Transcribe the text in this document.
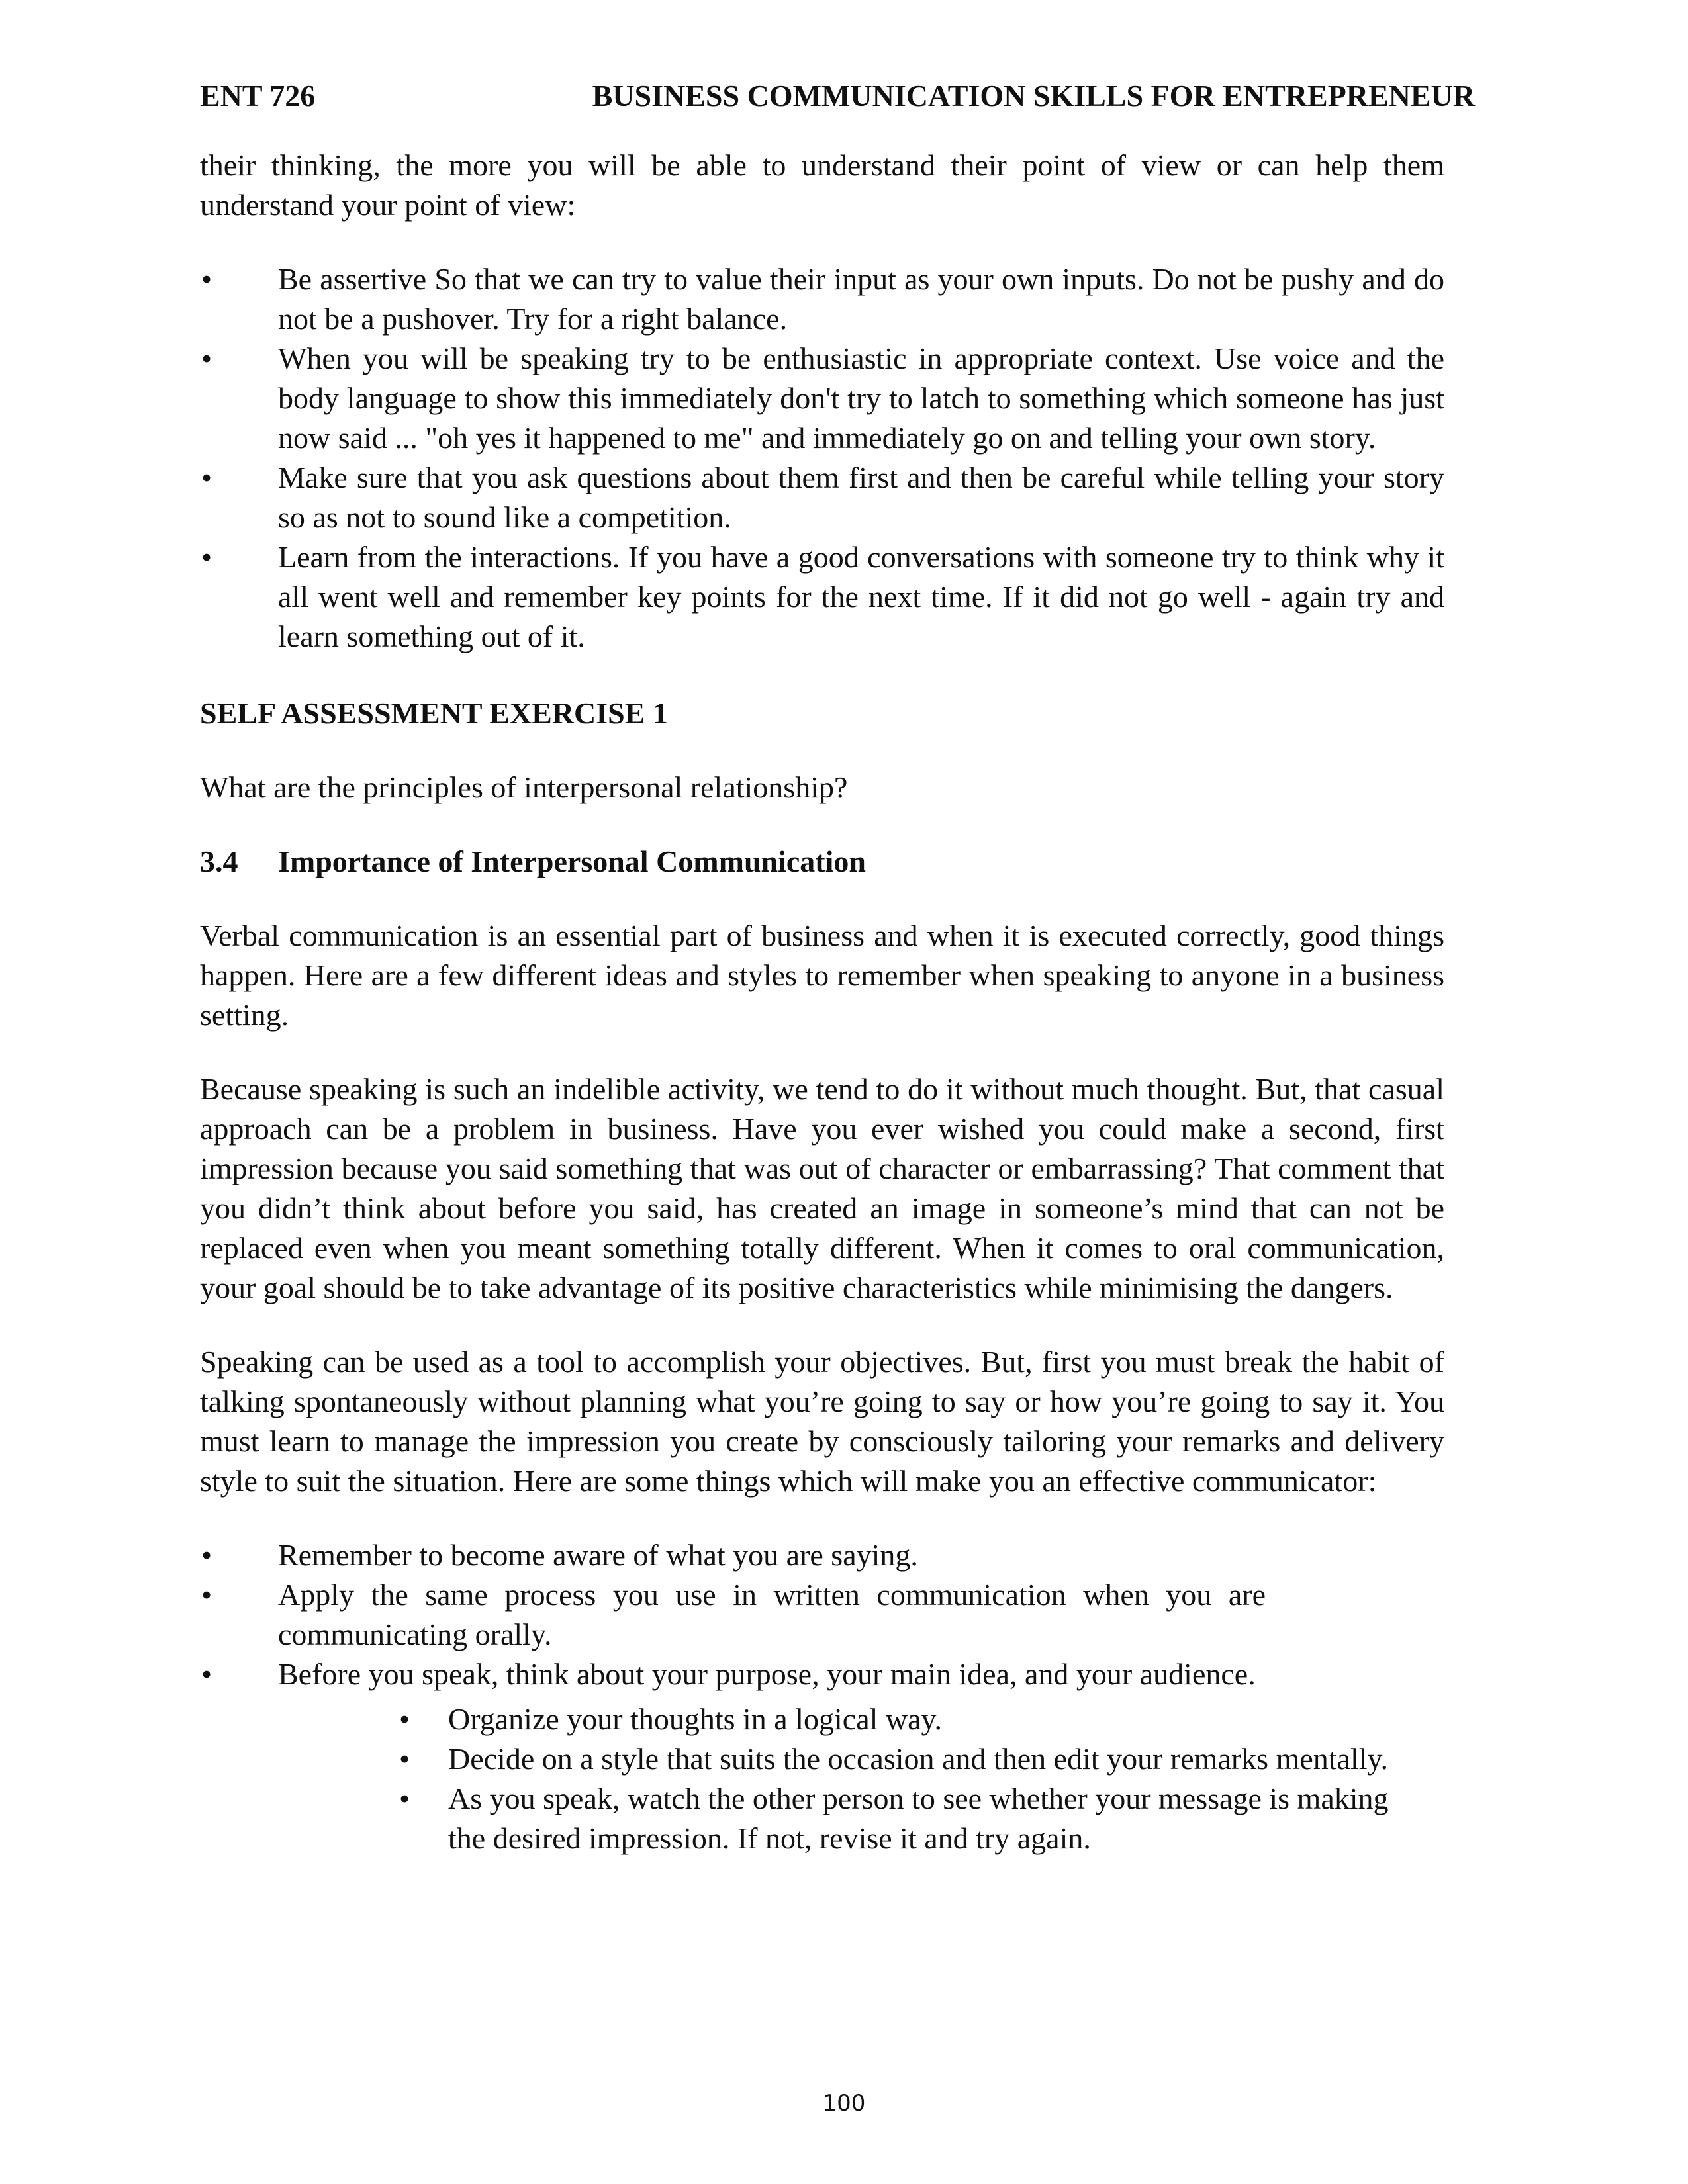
ENT 726	BUSINESS COMMUNICATION SKILLS FOR ENTREPRENEUR

their thinking, the more you will be able to understand their point of view or can help them understand your point of view:

• Be assertive So that we can try to value their input as your own inputs. Do not be pushy and do not be a pushover. Try for a right balance.
• When you will be speaking try to be enthusiastic in appropriate context. Use voice and the body language to show this immediately don't try to latch to something which someone has just now said ... "oh yes it happened to me" and immediately go on and telling your own story.
• Make sure that you ask questions about them first and then be careful while telling your story so as not to sound like a competition.
• Learn from the interactions. If you have a good conversations with someone try to think why it all went well and remember key points for the next time. If it did not go well - again try and learn something out of it.

SELF ASSESSMENT EXERCISE 1

What are the principles of interpersonal relationship?

3.4 Importance of Interpersonal Communication

Verbal communication is an essential part of business and when it is executed correctly, good things happen. Here are a few different ideas and styles to remember when speaking to anyone in a business setting.

Because speaking is such an indelible activity, we tend to do it without much thought. But, that casual approach can be a problem in business. Have you ever wished you could make a second, first impression because you said something that was out of character or embarrassing? That comment that you didn’t think about before you said, has created an image in someone’s mind that can not be replaced even when you meant something totally different. When it comes to oral communication, your goal should be to take advantage of its positive characteristics while minimising the dangers.

Speaking can be used as a tool to accomplish your objectives. But, first you must break the habit of talking spontaneously without planning what you’re going to say or how you’re going to say it. You must learn to manage the impression you create by consciously tailoring your remarks and delivery style to suit the situation. Here are some things which will make you an effective communicator:

• Remember to become aware of what you are saying.
• Apply the same process you use in written communication when you are communicating orally.
• Before you speak, think about your purpose, your main idea, and your audience.
• Organize your thoughts in a logical way.
• Decide on a style that suits the occasion and then edit your remarks mentally.
• As you speak, watch the other person to see whether your message is making the desired impression. If not, revise it and try again.
100
